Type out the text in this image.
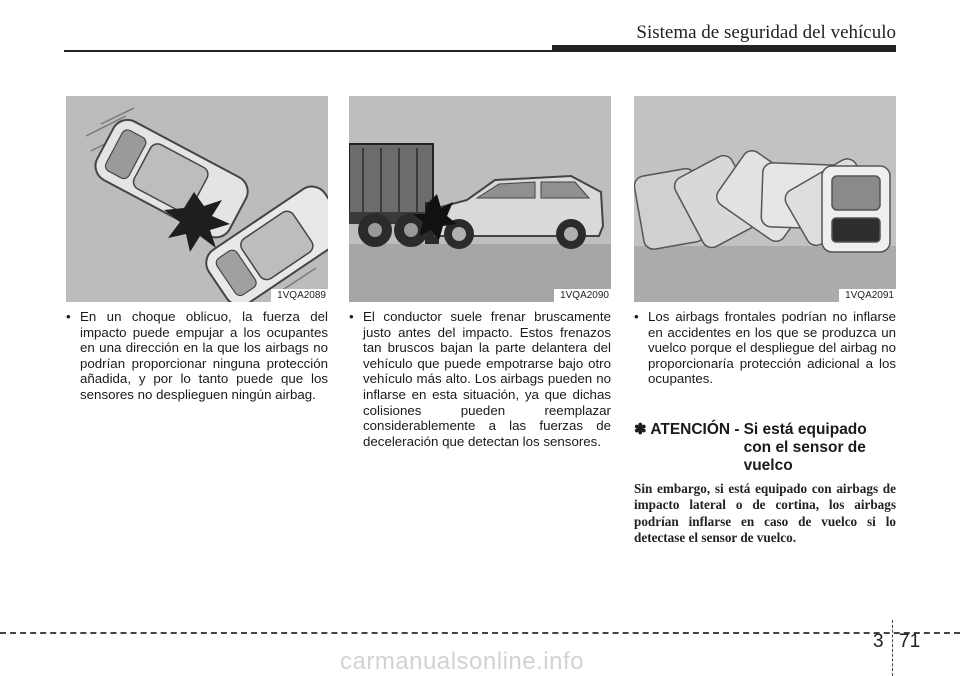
Sistema de seguridad del vehículo
1VQA2089	1VQA2090	1VQA2091
• En un choque oblicuo, la fuerza del impacto puede empujar a los ocupantes en una dirección en la que los airbags no podrían proporcionar ninguna protección añadida, y por lo tanto puede que los sensores no desplieguen ningún airbag.
• El conductor suele frenar bruscamente justo antes del impacto. Estos frenazos tan bruscos bajan la parte delantera del vehículo que puede empotrarse bajo otro vehículo más alto. Los airbags pueden no inflarse en esta situación, ya que dichas colisiones pueden reemplazar considerablemente a las fuerzas de deceleración que detectan los sensores.
• Los airbags frontales podrían no inflarse en accidentes en los que se produzca un vuelco porque el despliegue del airbag no proporcionaría protección adicional a los ocupantes.
✽ ATENCIÓN - Si está equipado con el sensor de vuelco
Sin embargo, si está equipado con airbags de impacto lateral o de cortina, los airbags podrían inflarse en caso de vuelco si lo detectase el sensor de vuelco.
3 71
carmanualsonline.info
